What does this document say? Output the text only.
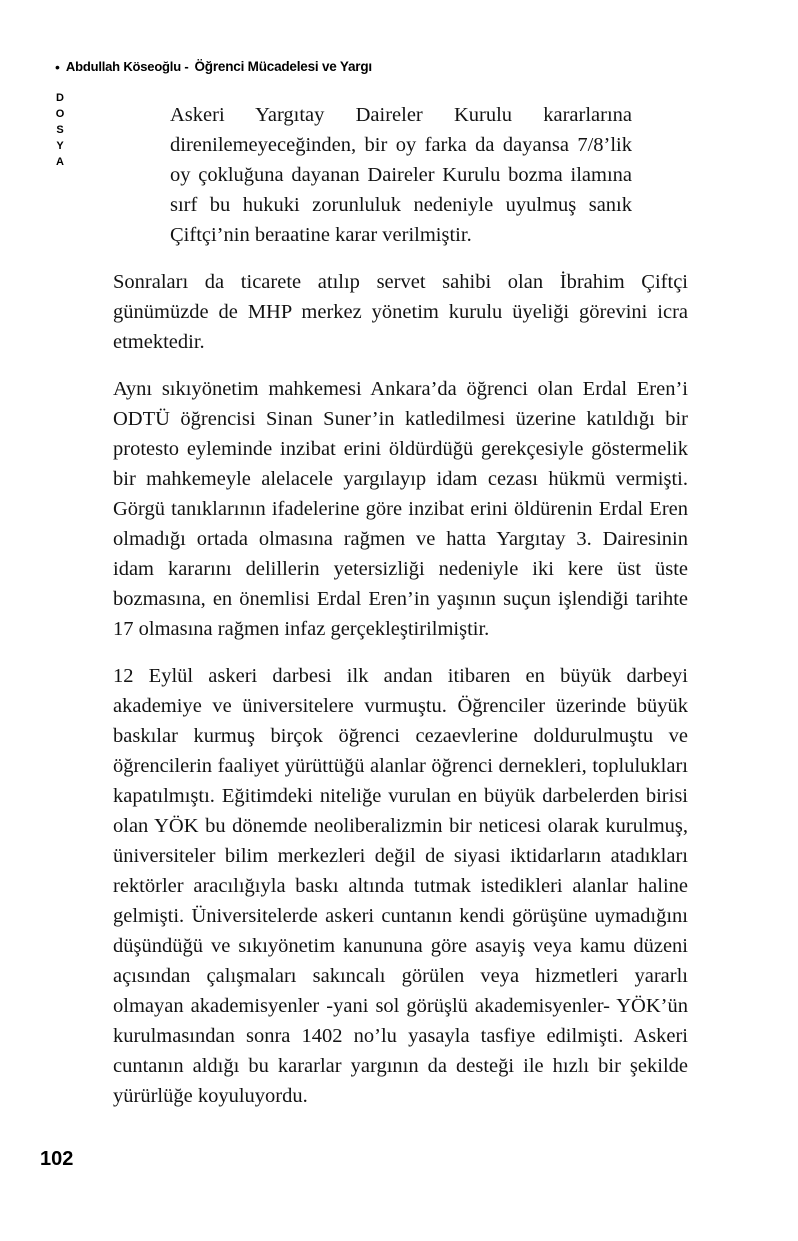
• Abdullah Köseoğlu - Öğrenci Mücadelesi ve Yargı
DOSYA	Askeri Yargıtay Daireler Kurulu kararlarına direnilemeyeceğinden, bir oy farka da dayansa 7/8’lik oy çokluğuna dayanan Daireler Kurulu bozma ilamına sırf bu hukuki zorunluluk nedeniyle uyulmuş sanık Çiftçi’nin beraatine karar verilmiştir.

Sonraları da ticarete atılıp servet sahibi olan İbrahim Çiftçi günümüzde de MHP merkez yönetim kurulu üyeliği görevini icra etmektedir.

Aynı sıkıyönetim mahkemesi Ankara’da öğrenci olan Erdal Eren’i ODTÜ öğrencisi Sinan Suner’in katledilmesi üzerine katıldığı bir protesto eyleminde inzibat erini öldürdüğü gerekçesiyle göstermelik bir mahkemeyle alelacele yargılayıp idam cezası hükmü vermişti. Görgü tanıklarının ifadelerine göre inzibat erini öldürenin Erdal Eren olmadığı ortada olmasına rağmen ve hatta Yargıtay 3. Dairesinin idam kararını delillerin yetersizliği nedeniyle iki kere üst üste bozmasına, en önemlisi Erdal Eren’in yaşının suçun işlendiği tarihte 17 olmasına rağmen infaz gerçekleştirilmiştir.

12 Eylül askeri darbesi ilk andan itibaren en büyük darbeyi akademiye ve üniversitelere vurmuştu. Öğrenciler üzerinde büyük baskılar kurmuş birçok öğrenci cezaevlerine doldurulmuştu ve öğrencilerin faaliyet yürüttüğü alanlar öğrenci dernekleri, toplulukları kapatılmıştı. Eğitimdeki niteliğe vurulan en büyük darbelerden birisi olan YÖK bu dönemde neoliberalizmin bir neticesi olarak kurulmuş, üniversiteler bilim merkezleri değil de siyasi iktidarların atadıkları rektörler aracılığıyla baskı altında tutmak istedikleri alanlar haline gelmişti. Üniversitelerde askeri cuntanın kendi görüşüne uymadığını düşündüğü ve sıkıyönetim kanununa göre asayiş veya kamu düzeni açısından çalışmaları sakıncalı görülen veya hizmetleri yararlı olmayan akademisyenler -yani sol görüşlü akademisyenler- YÖK’ün kurulmasından sonra 1402 no’lu yasayla tasfiye edilmişti. Askeri cuntanın aldığı bu kararlar yargının da desteği ile hızlı bir şekilde yürürlüğe koyuluyordu.

102
